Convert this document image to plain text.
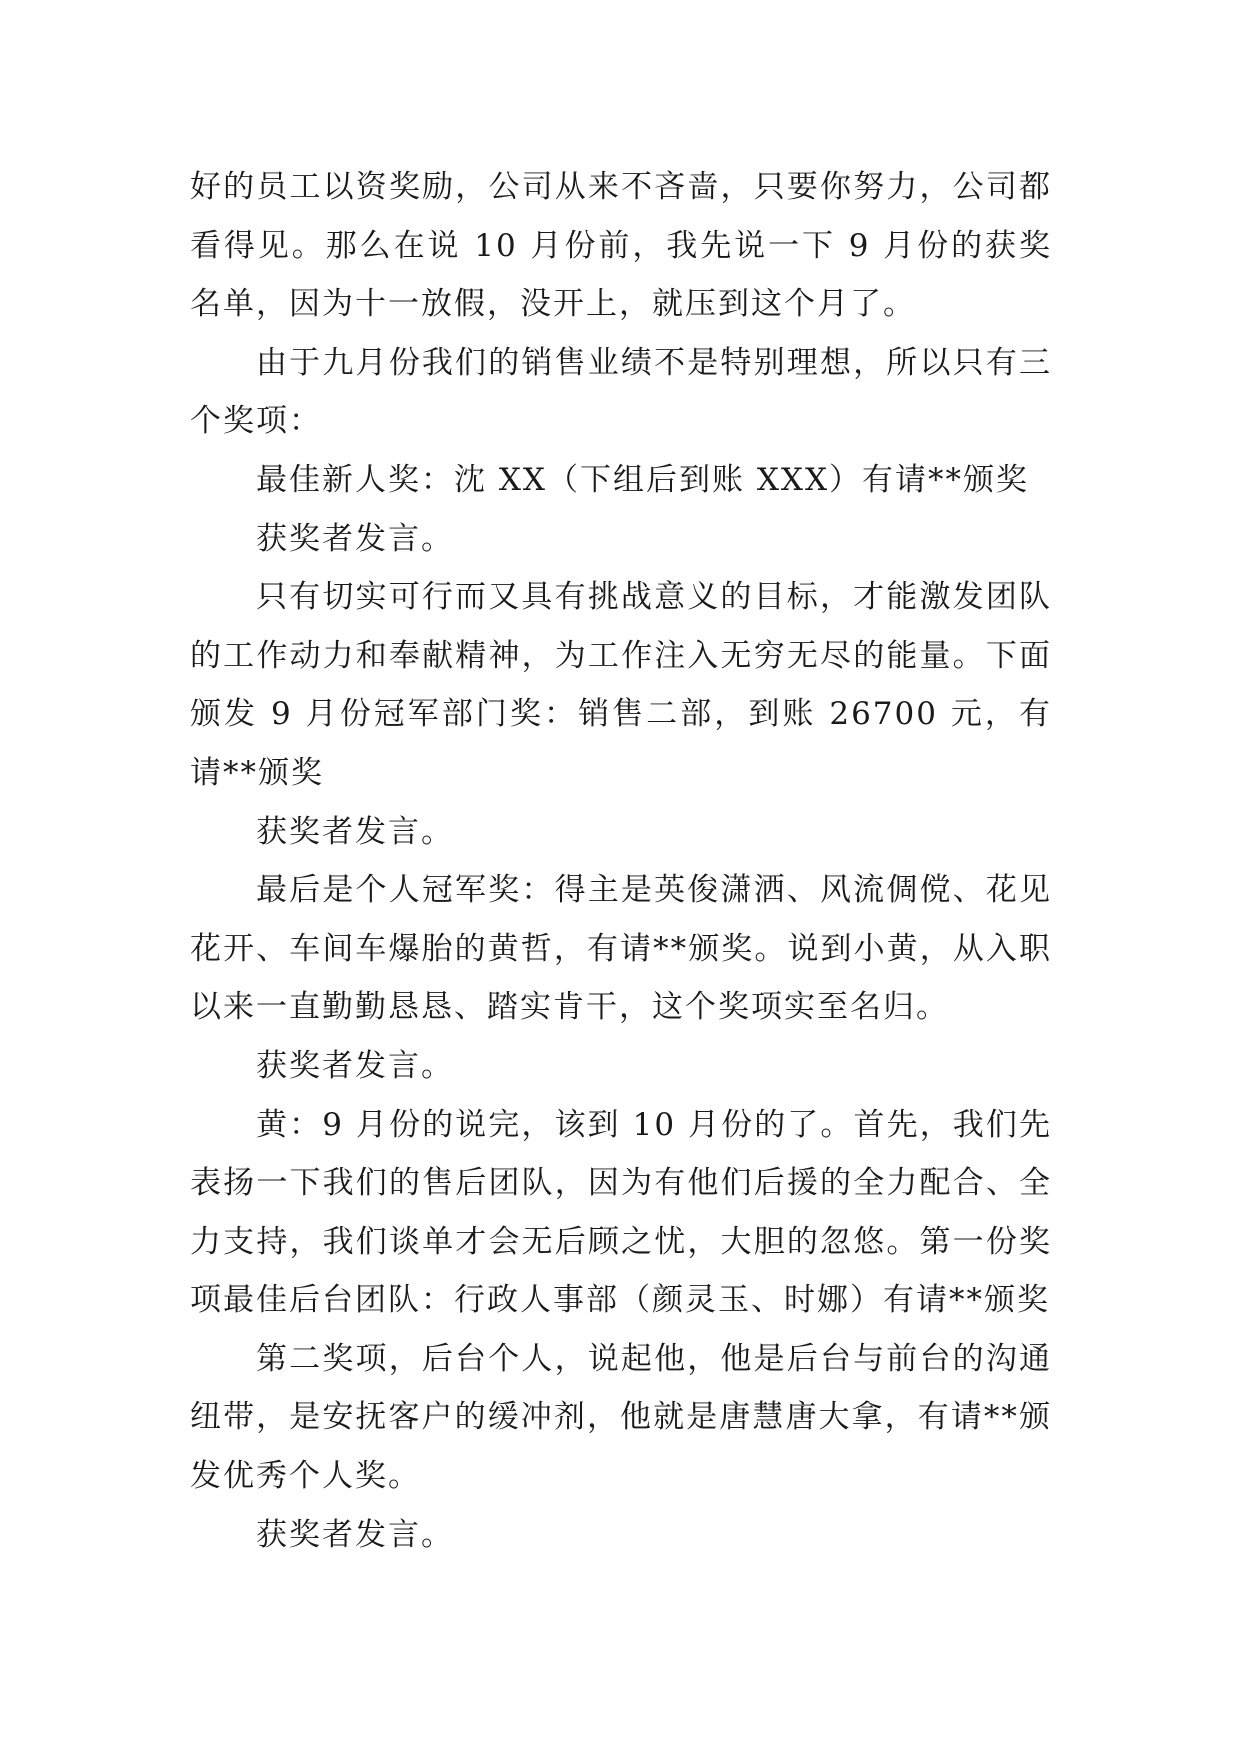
好的员工以资奖励，公司从来不吝啬，只要你努力，公司都看得见。那么在说 10 月份前，我先说一下 9 月份的获奖名单，因为十一放假，没开上，就压到这个月了。

由于九月份我们的销售业绩不是特别理想，所以只有三个奖项：

最佳新人奖：沈 XX（下组后到账 XXX）有请**颁奖

获奖者发言。

只有切实可行而又具有挑战意义的目标，才能激发团队的工作动力和奉献精神，为工作注入无穷无尽的能量。下面颁发 9 月份冠军部门奖：销售二部，到账 26700 元，有请**颁奖

获奖者发言。

最后是个人冠军奖：得主是英俊潇洒、风流倜傥、花见花开、车间车爆胎的黄哲，有请**颁奖。说到小黄，从入职以来一直勤勤恳恳、踏实肯干，这个奖项实至名归。

获奖者发言。

黄：9 月份的说完，该到 10 月份的了。首先，我们先表扬一下我们的售后团队，因为有他们后援的全力配合、全力支持，我们谈单才会无后顾之忧，大胆的忽悠。第一份奖项最佳后台团队：行政人事部（颜灵玉、时娜）有请**颁奖

第二奖项，后台个人，说起他，他是后台与前台的沟通纽带，是安抚客户的缓冲剂，他就是唐慧唐大拿，有请**颁发优秀个人奖。

获奖者发言。
